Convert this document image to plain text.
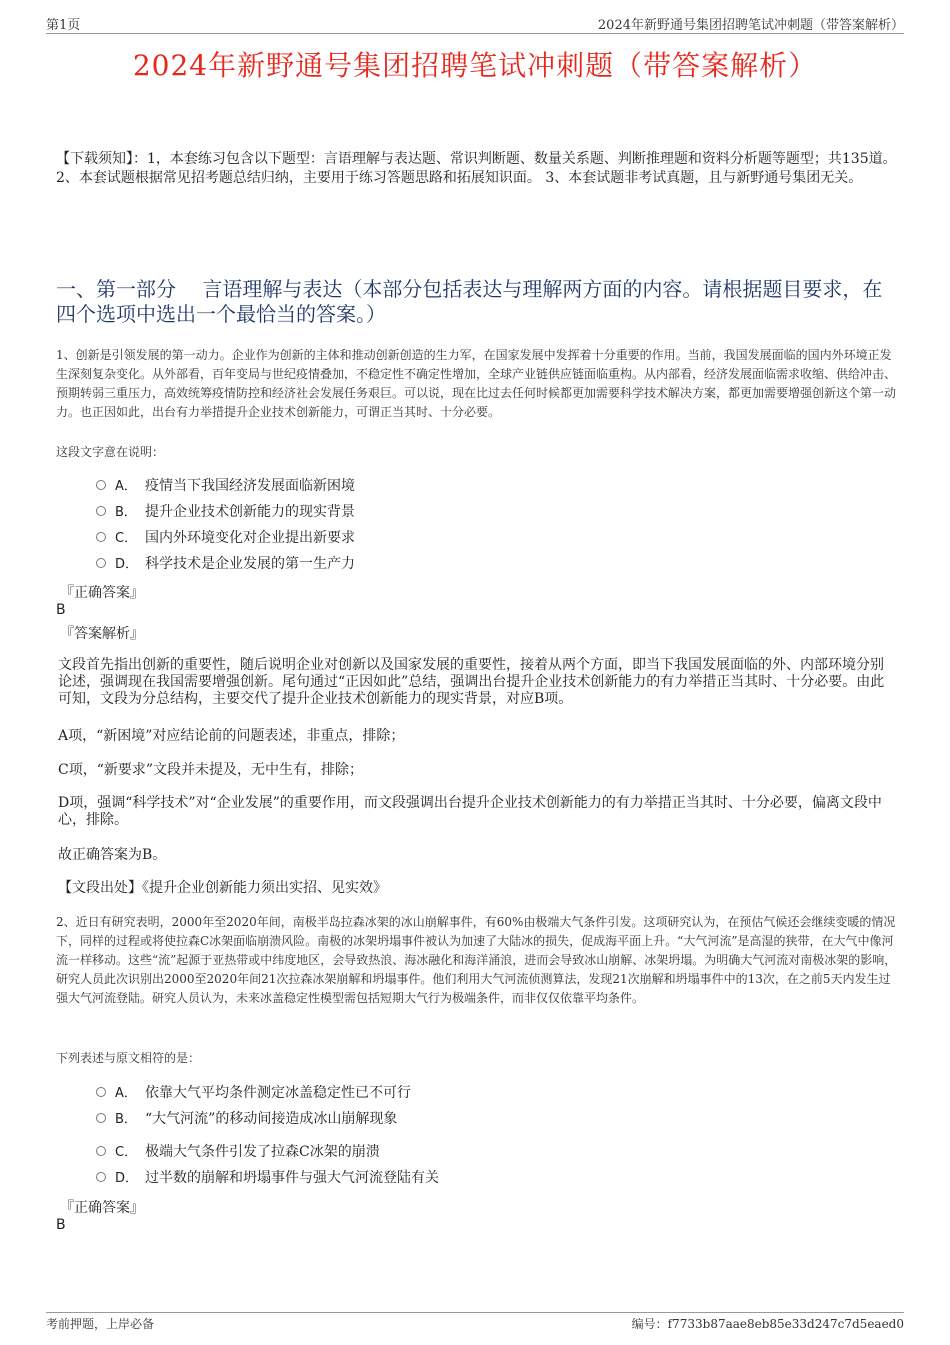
第1页	2024年新野通号集团招聘笔试冲刺题（带答案解析）
2024年新野通号集团招聘笔试冲刺题（带答案解析）
【下载须知】：1，本套练习包含以下题型：言语理解与表达题、常识判断题、数量关系题、判断推理题和资料分析题等题型；共135道。 2、本套试题根据常见招考题总结归纳，主要用于练习答题思路和拓展知识面。 3、本套试题非考试真题，且与新野通号集团无关。
一、第一部分　 言语理解与表达（本部分包括表达与理解两方面的内容。请根据题目要求，在四个选项中选出一个最恰当的答案。）
1、创新是引领发展的第一动力。企业作为创新的主体和推动创新创造的生力军，在国家发展中发挥着十分重要的作用。当前，我国发展面临的国内外环境正发生深刻复杂变化。从外部看，百年变局与世纪疫情叠加，不稳定性不确定性增加，全球产业链供应链面临重构。从内部看，经济发展面临需求收缩、供给冲击、预期转弱三重压力，高效统筹疫情防控和经济社会发展任务艰巨。可以说，现在比过去任何时候都更加需要科学技术解决方案，都更加需要增强创新这个第一动力。也正因如此，出台有力举措提升企业技术创新能力，可谓正当其时、十分必要。
这段文字意在说明：
A． 疫情当下我国经济发展面临新困境
B． 提升企业技术创新能力的现实背景
C． 国内外环境变化对企业提出新要求
D． 科学技术是企业发展的第一生产力
『正确答案』
B
『答案解析』
文段首先指出创新的重要性，随后说明企业对创新以及国家发展的重要性，接着从两个方面，即当下我国发展面临的外、内部环境分别论述，强调现在我国需要增强创新。尾句通过“正因如此”总结，强调出台提升企业技术创新能力的有力举措正当其时、十分必要。由此可知，文段为分总结构，主要交代了提升企业技术创新能力的现实背景，对应B项。
A项，“新困境”对应结论前的问题表述，非重点，排除；
C项，“新要求”文段并未提及，无中生有，排除；
D项，强调“科学技术”对“企业发展”的重要作用，而文段强调出台提升企业技术创新能力的有力举措正当其时、十分必要，偏离文段中心，排除。
故正确答案为B。
【文段出处】《提升企业创新能力须出实招、见实效》
2、近日有研究表明，2000年至2020年间，南极半岛拉森冰架的冰山崩解事件，有60%由极端大气条件引发。这项研究认为，在预估气候还会继续变暖的情况下，同样的过程或将使拉森C冰架面临崩溃风险。南极的冰架坍塌事件被认为加速了大陆冰的损失，促成海平面上升。“大气河流”是高湿的狭带，在大气中像河流一样移动。这些“流”起源于亚热带或中纬度地区，会导致热浪、海冰融化和海洋涌浪，进而会导致冰山崩解、冰架坍塌。为明确大气河流对南极冰架的影响，研究人员此次识别出2000至2020年间21次拉森冰架崩解和坍塌事件。他们利用大气河流侦测算法，发现21次崩解和坍塌事件中的13次，在之前5天内发生过强大气河流登陆。研究人员认为，未来冰盖稳定性模型需包括短期大气行为极端条件，而非仅仅依靠平均条件。
下列表述与原文相符的是：
A． 依靠大气平均条件测定冰盖稳定性已不可行
B． “大气河流”的移动间接造成冰山崩解现象
C． 极端大气条件引发了拉森C冰架的崩溃
D． 过半数的崩解和坍塌事件与强大气河流登陆有关
『正确答案』
B
考前押题，上岸必备	编号：f7733b87aae8eb85e33d247c7d5eaed0
